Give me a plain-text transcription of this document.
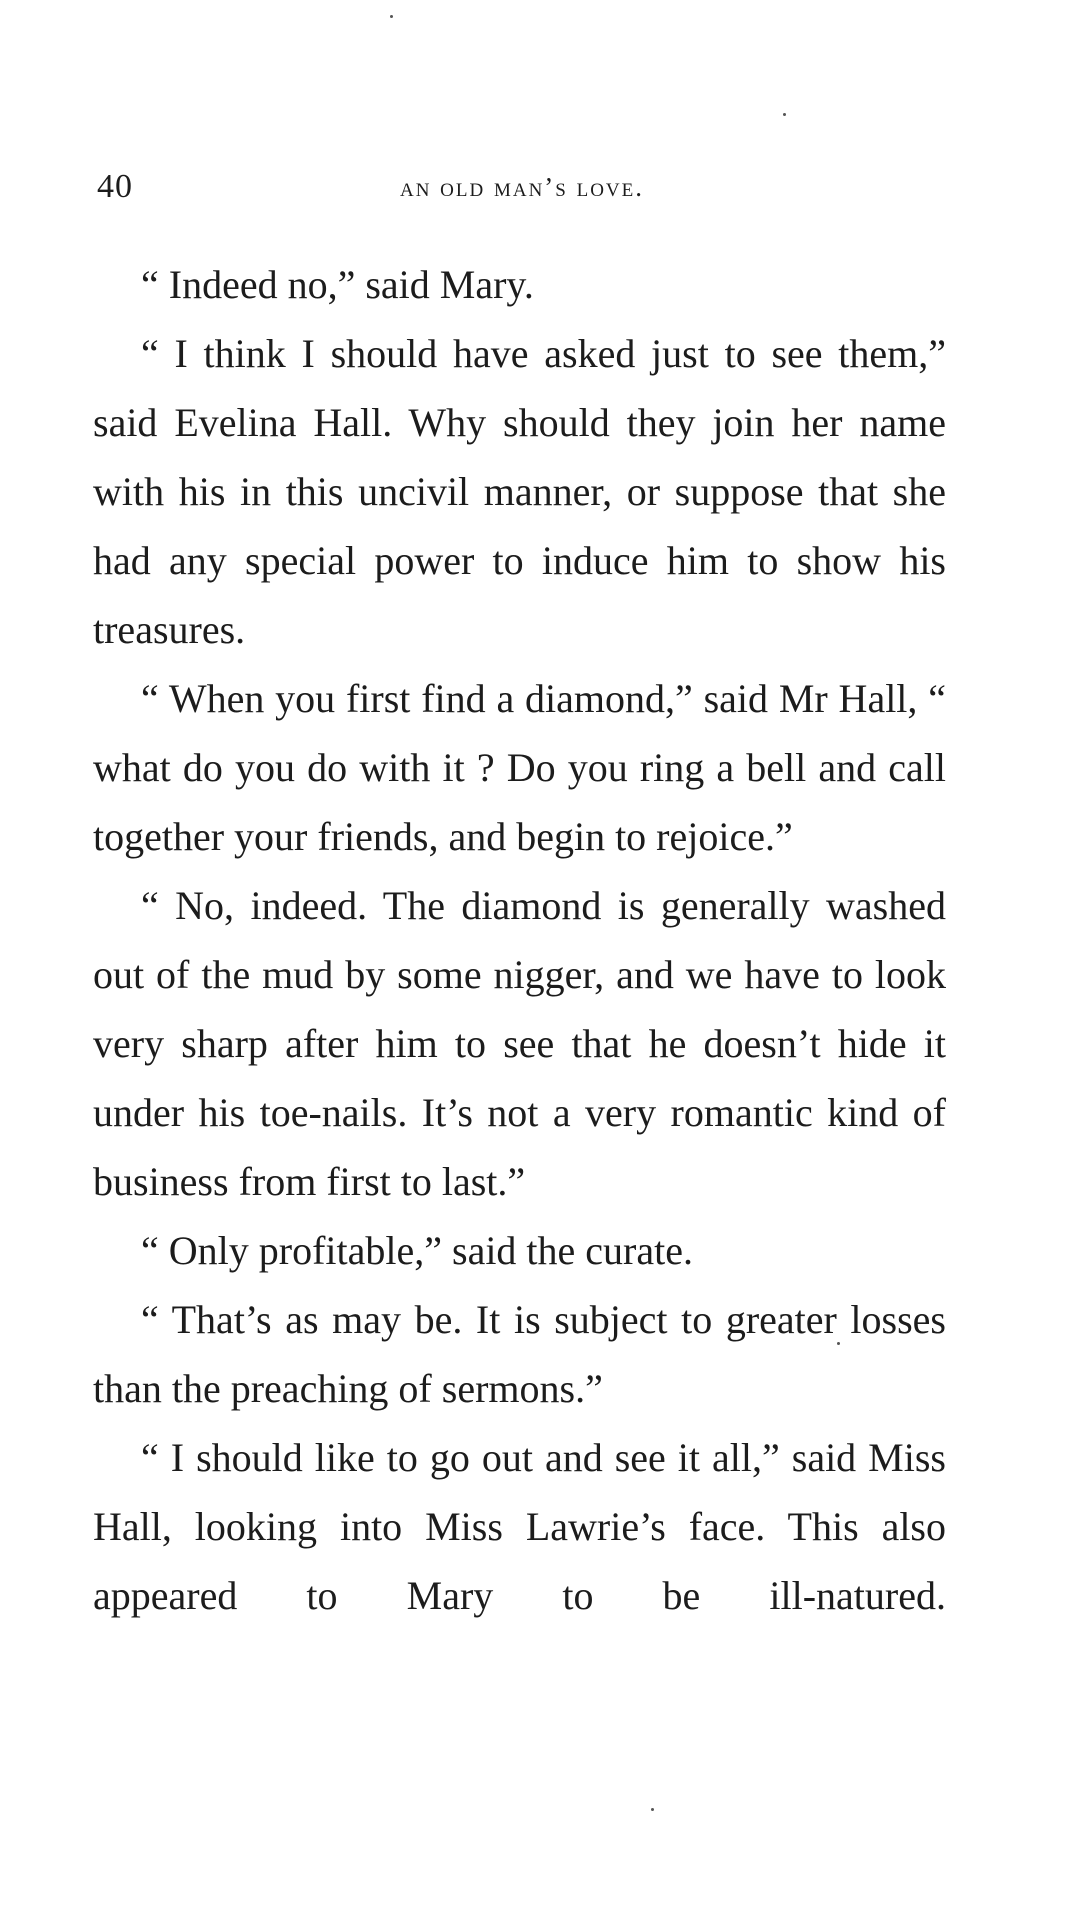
40	an old man’s love.

“ Indeed no,” said Mary.

“ I think I should have asked just to see them,” said Evelina Hall. Why should they join her name with his in this uncivil manner, or suppose that she had any special power to induce him to show his treasures.

“ When you first find a diamond,” said Mr Hall, “ what do you do with it ? Do you ring a bell and call together your friends, and begin to rejoice.”

“ No, indeed. The diamond is generally washed out of the mud by some nigger, and we have to look very sharp after him to see that he doesn’t hide it under his toe-nails. It’s not a very romantic kind of business from first to last.”

“ Only profitable,” said the curate.

“ That’s as may be. It is subject to greater losses than the preaching of sermons.”

“ I should like to go out and see it all,” said Miss Hall, looking into Miss Lawrie’s face. This also appeared to Mary to be ill-natured.
